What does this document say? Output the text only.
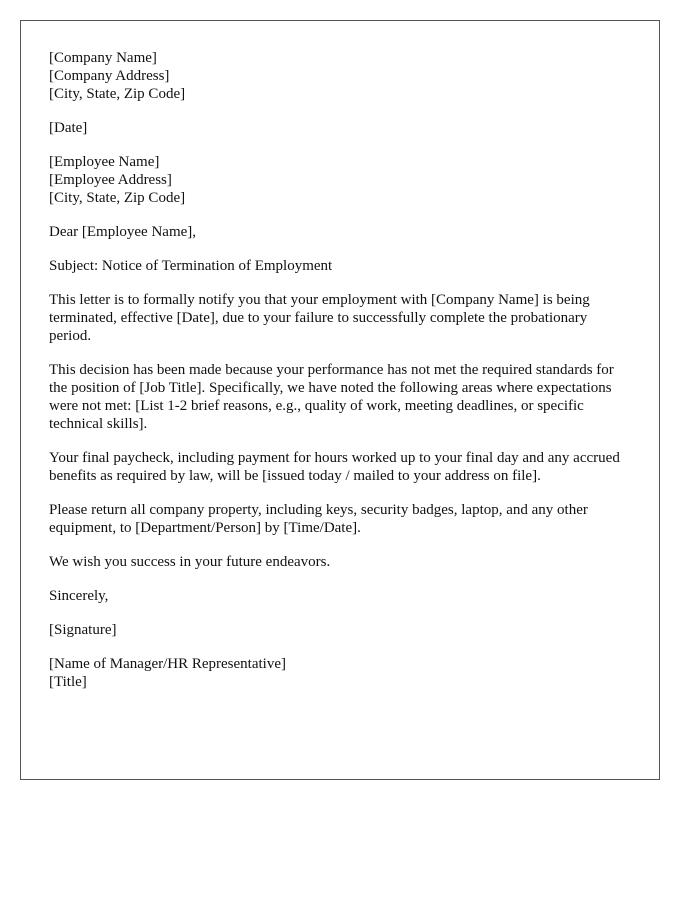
[Company Name]
[Company Address]
[City, State, Zip Code]

[Date]

[Employee Name]
[Employee Address]
[City, State, Zip Code]

Dear [Employee Name],

Subject: Notice of Termination of Employment

This letter is to formally notify you that your employment with [Company Name] is being terminated, effective [Date], due to your failure to successfully complete the probationary period.

This decision has been made because your performance has not met the required standards for the position of [Job Title]. Specifically, we have noted the following areas where expectations were not met: [List 1-2 brief reasons, e.g., quality of work, meeting deadlines, or specific technical skills].

Your final paycheck, including payment for hours worked up to your final day and any accrued benefits as required by law, will be [issued today / mailed to your address on file].

Please return all company property, including keys, security badges, laptop, and any other equipment, to [Department/Person] by [Time/Date].

We wish you success in your future endeavors.

Sincerely,

[Signature]

[Name of Manager/HR Representative]
[Title]
